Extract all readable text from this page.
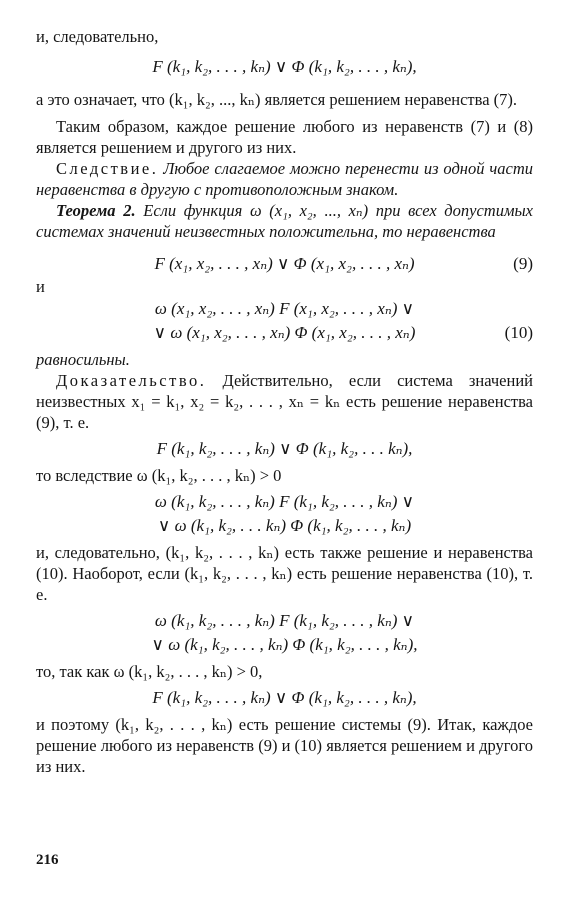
и, следовательно,

F (k₁, k₂, . . . , kₙ) ∨ Φ (k₁, k₂, . . . , kₙ),

а это означает, что (k₁, k₂, ..., kₙ) является решением неравенства (7).

Таким образом, каждое решение любого из неравенств (7) и (8) является решением и другого из них.

Следствие. Любое слагаемое можно перенести из одной части неравенства в другую с противоположным знаком.

Теорема 2. Если функция ω (x₁, x₂, ..., xₙ) при всех допустимых системах значений неизвестных положительна, то неравенства

F (x₁, x₂, . . . , xₙ) ∨ Φ (x₁, x₂, . . . , xₙ)	(9)

и

ω (x₁, x₂, . . . , xₙ) F (x₁, x₂, . . . , xₙ) ∨

∨ ω (x₁, x₂, . . . , xₙ) Φ (x₁, x₂, . . . , xₙ)	(10)

равносильны.

Доказательство. Действительно, если система значений неизвестных x₁ = k₁, x₂ = k₂, . . . , xₙ = kₙ есть решение неравенства (9), т. е.

F (k₁, k₂, . . . , kₙ) ∨ Φ (k₁, k₂, . . . kₙ),

то вследствие ω (k₁, k₂, . . . , kₙ) > 0

ω (k₁, k₂, . . . , kₙ) F (k₁, k₂, . . . , kₙ) ∨

∨ ω (k₁, k₂, . . . kₙ) Φ (k₁, k₂, . . . , kₙ)

и, следовательно, (k₁, k₂, . . . , kₙ) есть также решение и неравенства (10). Наоборот, если (k₁, k₂, . . . , kₙ) есть решение неравенства (10), т. е.

ω (k₁, k₂, . . . , kₙ) F (k₁, k₂, . . . , kₙ) ∨

∨ ω (k₁, k₂, . . . , kₙ) Φ (k₁, k₂, . . . , kₙ),

то, так как ω (k₁, k₂, . . . , kₙ) > 0,

F (k₁, k₂, . . . , kₙ) ∨ Φ (k₁, k₂, . . . , kₙ),

и поэтому (k₁, k₂, . . . , kₙ) есть решение системы (9). Итак, каждое решение любого из неравенств (9) и (10) является решением и другого из них.

216
